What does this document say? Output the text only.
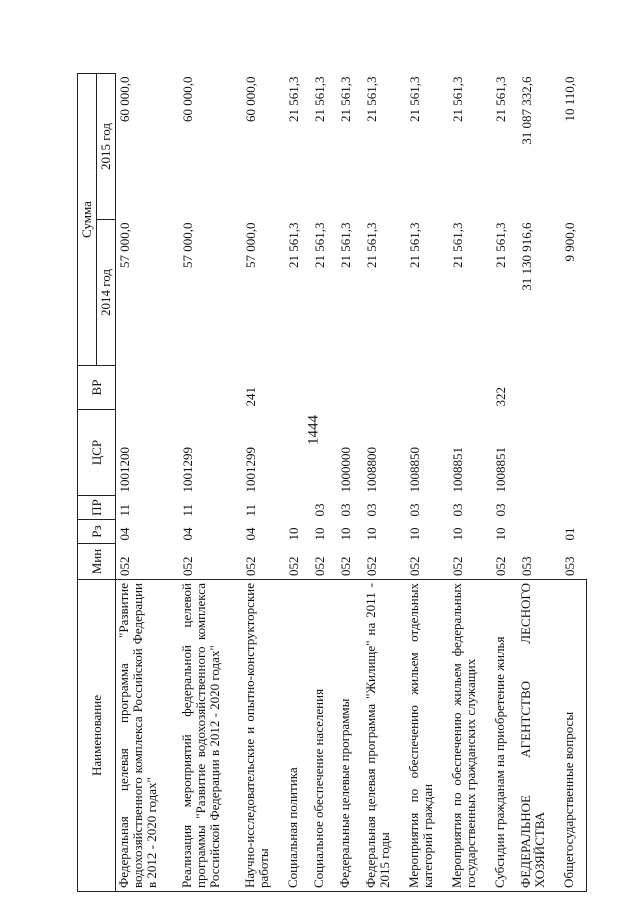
1444
Наименование	Мин	Рз	ПР	ЦСР	ВР	Сумма	
						2014 год	2015 год
Федеральная целевая программа "Развитие водохозяйственного комплекса Российской Федерации в 2012 - 2020 годах"	052	04	11	1001200		57 000,0	60 000,0
Реализация мероприятий федеральной целевой программы "Развитие водохозяйственного комплекса Российской Федерации в 2012 - 2020 годах"	052	04	11	1001299		57 000,0	60 000,0
Научно-исследовательские и опытно-конструкторские работы	052	04	11	1001299	241	57 000,0	60 000,0
Социальная политика	052	10				21 561,3	21 561,3
Социальное обеспечение населения	052	10	03			21 561,3	21 561,3
Федеральные целевые программы	052	10	03	1000000		21 561,3	21 561,3
Федеральная целевая программа "Жилище" на 2011 - 2015 годы	052	10	03	1008800		21 561,3	21 561,3
Мероприятия по обеспечению жильем отдельных категорий граждан	052	10	03	1008850		21 561,3	21 561,3
Мероприятия по обеспечению жильем федеральных государственных гражданских служащих	052	10	03	1008851		21 561,3	21 561,3
Субсидии гражданам на приобретение жилья	052	10	03	1008851	322	21 561,3	21 561,3
ФЕДЕРАЛЬНОЕ АГЕНТСТВО ЛЕСНОГО ХОЗЯЙСТВА	053					31 130 916,6	31 087 332,6
Общегосударственные вопросы	053	01				9 900,0	10 110,0
